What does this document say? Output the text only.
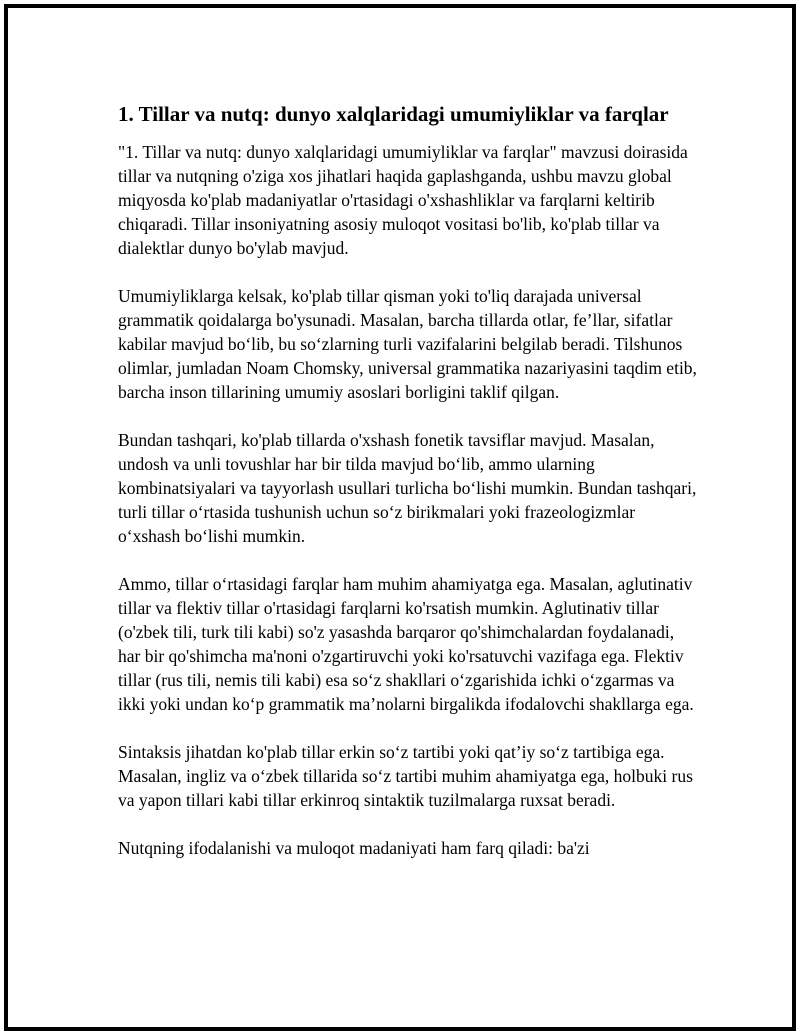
1. Tillar va nutq: dunyo xalqlaridagi umumiyliklar va farqlar

"1. Tillar va nutq: dunyo xalqlaridagi umumiyliklar va farqlar" mavzusi doirasida tillar va nutqning o'ziga xos jihatlari haqida gaplashganda, ushbu mavzu global miqyosda ko'plab madaniyatlar o'rtasidagi o'xshashliklar va farqlarni keltirib chiqaradi. Tillar insoniyatning asosiy muloqot vositasi bo'lib, ko'plab tillar va dialektlar dunyo bo'ylab mavjud.

Umumiyliklarga kelsak, ko'plab tillar qisman yoki to'liq darajada universal grammatik qoidalarga bo'ysunadi. Masalan, barcha tillarda otlar, fe’llar, sifatlar kabilar mavjud bo‘lib, bu so‘zlarning turli vazifalarini belgilab beradi. Tilshunos olimlar, jumladan Noam Chomsky, universal grammatika nazariyasini taqdim etib, barcha inson tillarining umumiy asoslari borligini taklif qilgan.

Bundan tashqari, ko'plab tillarda o'xshash fonetik tavsiflar mavjud. Masalan, undosh va unli tovushlar har bir tilda mavjud bo‘lib, ammo ularning kombinatsiyalari va tayyorlash usullari turlicha bo‘lishi mumkin. Bundan tashqari, turli tillar o‘rtasida tushunish uchun so‘z birikmalari yoki frazeologizmlar o‘xshash bo‘lishi mumkin.

Ammo, tillar o‘rtasidagi farqlar ham muhim ahamiyatga ega. Masalan, aglutinativ tillar va flektiv tillar o'rtasidagi farqlarni ko'rsatish mumkin. Aglutinativ tillar (o'zbek tili, turk tili kabi) so'z yasashda barqaror qo'shimchalardan foydalanadi, har bir qo'shimcha ma'noni o'zgartiruvchi yoki ko'rsatuvchi vazifaga ega. Flektiv tillar (rus tili, nemis tili kabi) esa so‘z shakllari o‘zgarishida ichki o‘zgarmas va ikki yoki undan ko‘p grammatik ma’nolarni birgalikda ifodalovchi shakllarga ega.

Sintaksis jihatdan ko'plab tillar erkin so‘z tartibi yoki qat’iy so‘z tartibiga ega. Masalan, ingliz va o‘zbek tillarida so‘z tartibi muhim ahamiyatga ega, holbuki rus va yapon tillari kabi tillar erkinroq sintaktik tuzilmalarga ruxsat beradi.

Nutqning ifodalanishi va muloqot madaniyati ham farq qiladi: ba'zi
